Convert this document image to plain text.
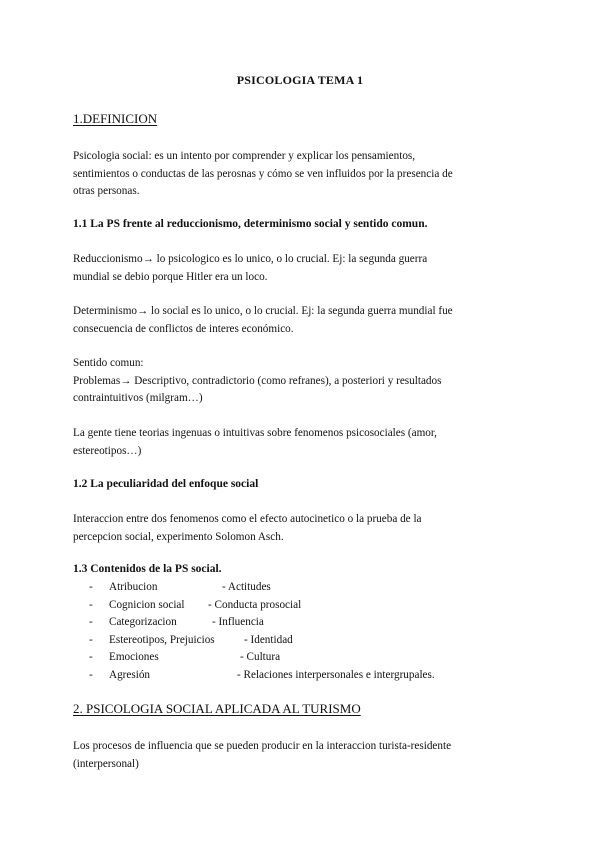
PSICOLOGIA TEMA 1
1.DEFINICION
Psicologia social: es un intento por comprender y explicar los pensamientos,
sentimientos o conductas de las perosnas y cómo se ven influidos por la presencia de
otras personas.
1.1 La PS frente al reduccionismo, determinismo social y sentido comun.
Reduccionismo→ lo psicologico es lo unico, o lo crucial. Ej: la segunda guerra
mundial se debio porque Hitler era un loco.
Determinismo→ lo social es lo unico, o lo crucial. Ej: la segunda guerra mundial fue
consecuencia de conflictos de interes económico.
Sentido comun:
Problemas→ Descriptivo, contradictorio (como refranes), a posteriori y resultados
contraintuitivos (milgram…)
La gente tiene teorias ingenuas o intuitivas sobre fenomenos psicosociales (amor,
estereotipos…)
1.2 La peculiaridad del enfoque social
Interaccion entre dos fenomenos como el efecto autocinetico o la prueba de la
percepcion social, experimento Solomon Asch.
1.3 Contenidos de la PS social.
- Atribucion	- Actitudes
- Cognicion social - Conducta prosocial
- Categorizacion	- Influencia
- Estereotipos, Prejuicios	- Identidad
- Emociones	- Cultura
- Agresión	- Relaciones interpersonales e intergrupales.
2. PSICOLOGIA SOCIAL APLICADA AL TURISMO
Los procesos de influencia que se pueden producir en la interaccion turista-residente
(interpersonal)
